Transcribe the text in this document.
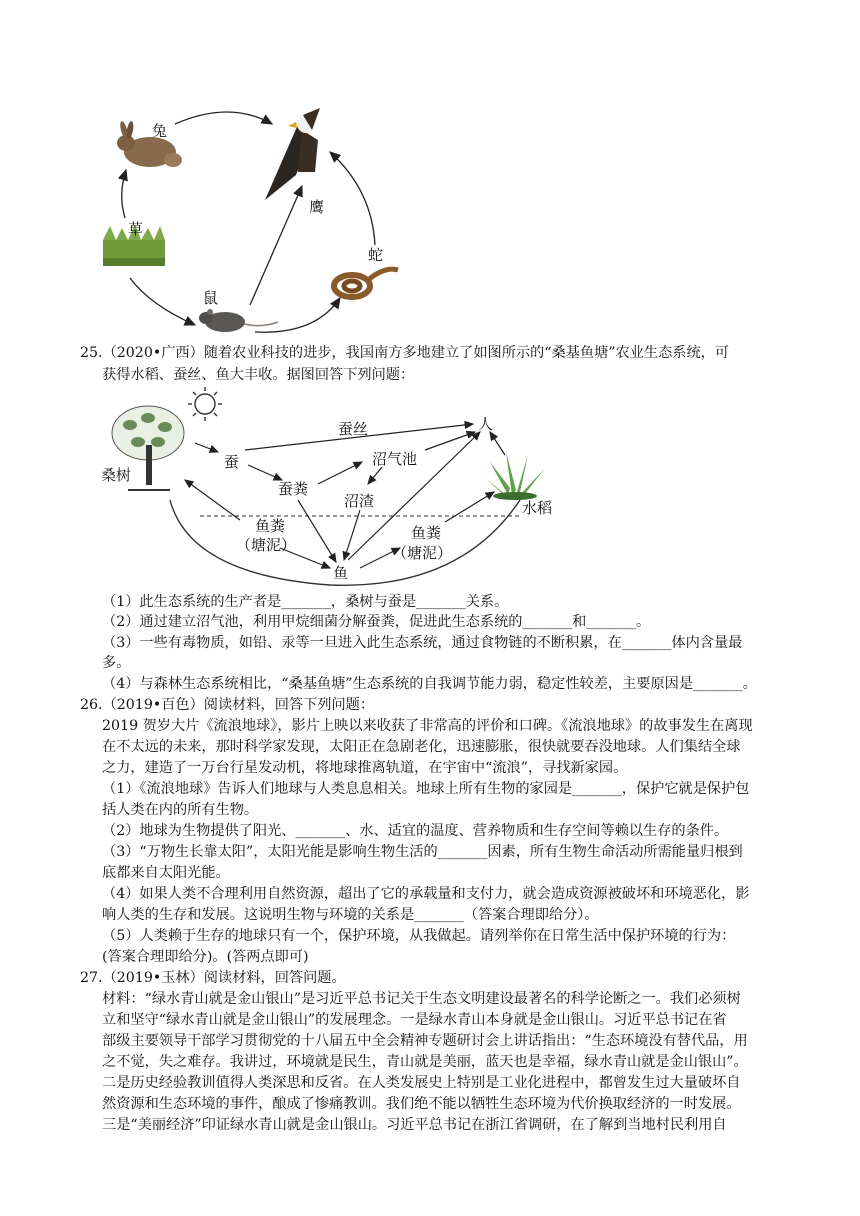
兔
鹰
草
蛇
鼠
25.（2020•广西）随着农业科技的进步，我国南方多地建立了如图所示的“桑基鱼塘”农业生态系统，可
获得水稻、蚕丝、鱼大丰收。据图回答下列问题：
蚕丝	人
蚕	沼气池
桑树
蚕粪
沼渣	水稻
鱼粪
（塘泥）
鱼粪
（塘泥）
鱼
（1）此生态系统的生产者是_______，桑树与蚕是_______关系。
（2）通过建立沼气池，利用甲烷细菌分解蚕粪，促进此生态系统的_______和_______。
（3）一些有毒物质，如铅、汞等一旦进入此生态系统，通过食物链的不断积累，在_______体内含量最
多。
（4）与森林生态系统相比，“桑基鱼塘”生态系统的自我调节能力弱，稳定性较差，主要原因是_______。
26.（2019•百色）阅读材料，回答下列问题：
2019 贺岁大片《流浪地球》，影片上映以来收获了非常高的评价和口碑。《流浪地球》的故事发生在离现
在不太远的未来，那时科学家发现，太阳正在急剧老化，迅速膨胀，很快就要吞没地球。人们集结全球
之力，建造了一万台行星发动机，将地球推离轨道，在宇宙中“流浪”，寻找新家园。
（1）《流浪地球》告诉人们地球与人类息息相关。地球上所有生物的家园是_______，保护它就是保护包
括人类在内的所有生物。
（2）地球为生物提供了阳光、_______、水、适宜的温度、营养物质和生存空间等赖以生存的条件。
（3）“万物生长靠太阳”，太阳光能是影响生物生活的_______因素，所有生物生命活动所需能量归根到
底都来自太阳光能。
（4）如果人类不合理利用自然资源，超出了它的承载量和支付力，就会造成资源被破坏和环境恶化，影
响人类的生存和发展。这说明生物与环境的关系是_______（答案合理即给分）。
（5）人类赖于生存的地球只有一个，保护环境，从我做起。请列举你在日常生活中保护环境的行为：
(答案合理即给分)。(答两点即可)
27.（2019•玉林）阅读材料，回答问题。
材料：“绿水青山就是金山银山”是习近平总书记关于生态文明建设最著名的科学论断之一。我们必须树
立和坚守“绿水青山就是金山银山”的发展理念。一是绿水青山本身就是金山银山。习近平总书记在省
部级主要领导干部学习贯彻党的十八届五中全会精神专题研讨会上讲话指出：“生态环境没有替代品，用
之不觉，失之难存。我讲过，环境就是民生，青山就是美丽，蓝天也是幸福，绿水青山就是金山银山”。
二是历史经验教训值得人类深思和反省。在人类发展史上特别是工业化进程中，都曾发生过大量破坏自
然资源和生态环境的事件，酿成了惨痛教训。我们绝不能以牺牲生态环境为代价换取经济的一时发展。
三是“美丽经济”印证绿水青山就是金山银山。习近平总书记在浙江省调研，在了解到当地村民利用自
